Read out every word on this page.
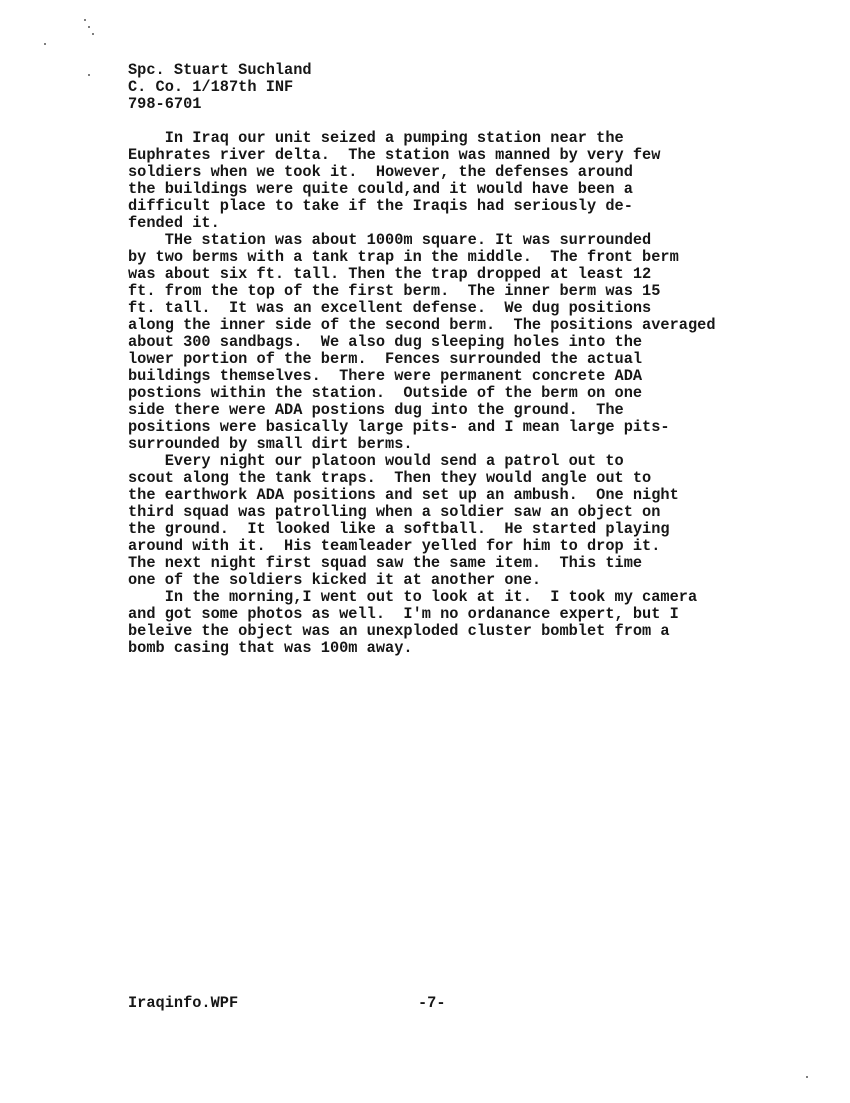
Spc. Stuart Suchland
C. Co. 1/187th INF
798-6701
In Iraq our unit seized a pumping station near the
Euphrates river delta.  The station was manned by very few
soldiers when we took it.  However, the defenses around
the buildings were quite could,and it would have been a
difficult place to take if the Iraqis had seriously de-
fended it.
THe station was about 1000m square. It was surrounded
by two berms with a tank trap in the middle.  The front berm
was about six ft. tall. Then the trap dropped at least 12
ft. from the top of the first berm.  The inner berm was 15
ft. tall.  It was an excellent defense.  We dug positions
along the inner side of the second berm.  The positions averaged
about 300 sandbags.  We also dug sleeping holes into the
lower portion of the berm.  Fences surrounded the actual
buildings themselves.  There were permanent concrete ADA
postions within the station.  Outside of the berm on one
side there were ADA postions dug into the ground.  The
positions were basically large pits- and I mean large pits-
surrounded by small dirt berms.
Every night our platoon would send a patrol out to
scout along the tank traps.  Then they would angle out to
the earthwork ADA positions and set up an ambush.  One night
third squad was patrolling when a soldier saw an object on
the ground.  It looked like a softball.  He started playing
around with it.  His teamleader yelled for him to drop it.
The next night first squad saw the same item.  This time
one of the soldiers kicked it at another one.
In the morning,I went out to look at it.  I took my camera
and got some photos as well.  I'm no ordanance expert, but I
beleive the object was an unexploded cluster bomblet from a
bomb casing that was 100m away.
Iraqinfo.WPF	-7-
